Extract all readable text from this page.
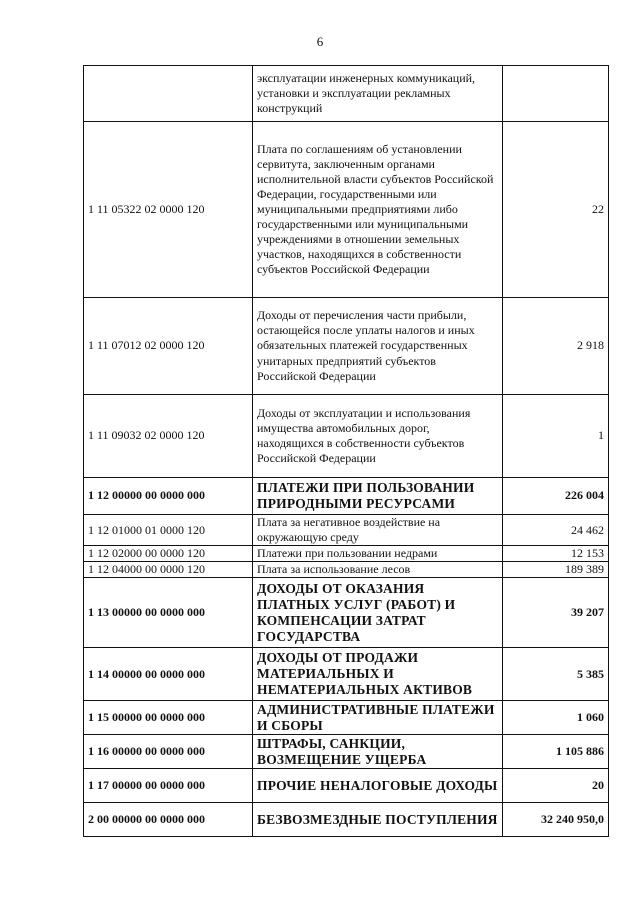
6
	эксплуатации инженерных коммуникаций, установки и эксплуатации рекламных конструкций	
1 11 05322 02 0000 120	Плата по соглашениям об установлении сервитута, заключенным органами исполнительной власти субъектов Российской Федерации, государственными или муниципальными предприятиями либо государственными или муниципальными учреждениями в отношении земельных участков, находящихся в собственности субъектов Российской Федерации	22
1 11 07012 02 0000 120	Доходы от перечисления части прибыли, остающейся после уплаты налогов и иных обязательных платежей государственных унитарных предприятий субъектов Российской Федерации	2 918
1 11 09032 02 0000 120	Доходы от эксплуатации и использования имущества автомобильных дорог, находящихся в собственности субъектов Российской Федерации	1
1 12 00000 00 0000 000	ПЛАТЕЖИ ПРИ ПОЛЬЗОВАНИИ ПРИРОДНЫМИ РЕСУРСАМИ	226 004
1 12 01000 01 0000 120	Плата за негативное воздействие на окружающую среду	24 462
1 12 02000 00 0000 120	Платежи при пользовании недрами	12 153
1 12 04000 00 0000 120	Плата за использование лесов	189 389
1 13 00000 00 0000 000	ДОХОДЫ ОТ ОКАЗАНИЯ ПЛАТНЫХ УСЛУГ (РАБОТ) И КОМПЕНСАЦИИ ЗАТРАТ ГОСУДАРСТВА	39 207
1 14 00000 00 0000 000	ДОХОДЫ ОТ ПРОДАЖИ МАТЕРИАЛЬНЫХ И НЕМАТЕРИАЛЬНЫХ АКТИВОВ	5 385
1 15 00000 00 0000 000	АДМИНИСТРАТИВНЫЕ ПЛАТЕЖИ И СБОРЫ	1 060
1 16 00000 00 0000 000	ШТРАФЫ, САНКЦИИ, ВОЗМЕЩЕНИЕ УЩЕРБА	1 105 886
1 17 00000 00 0000 000	ПРОЧИЕ НЕНАЛОГОВЫЕ ДОХОДЫ	20
2 00 00000 00 0000 000	БЕЗВОЗМЕЗДНЫЕ ПОСТУПЛЕНИЯ	32 240 950,0
